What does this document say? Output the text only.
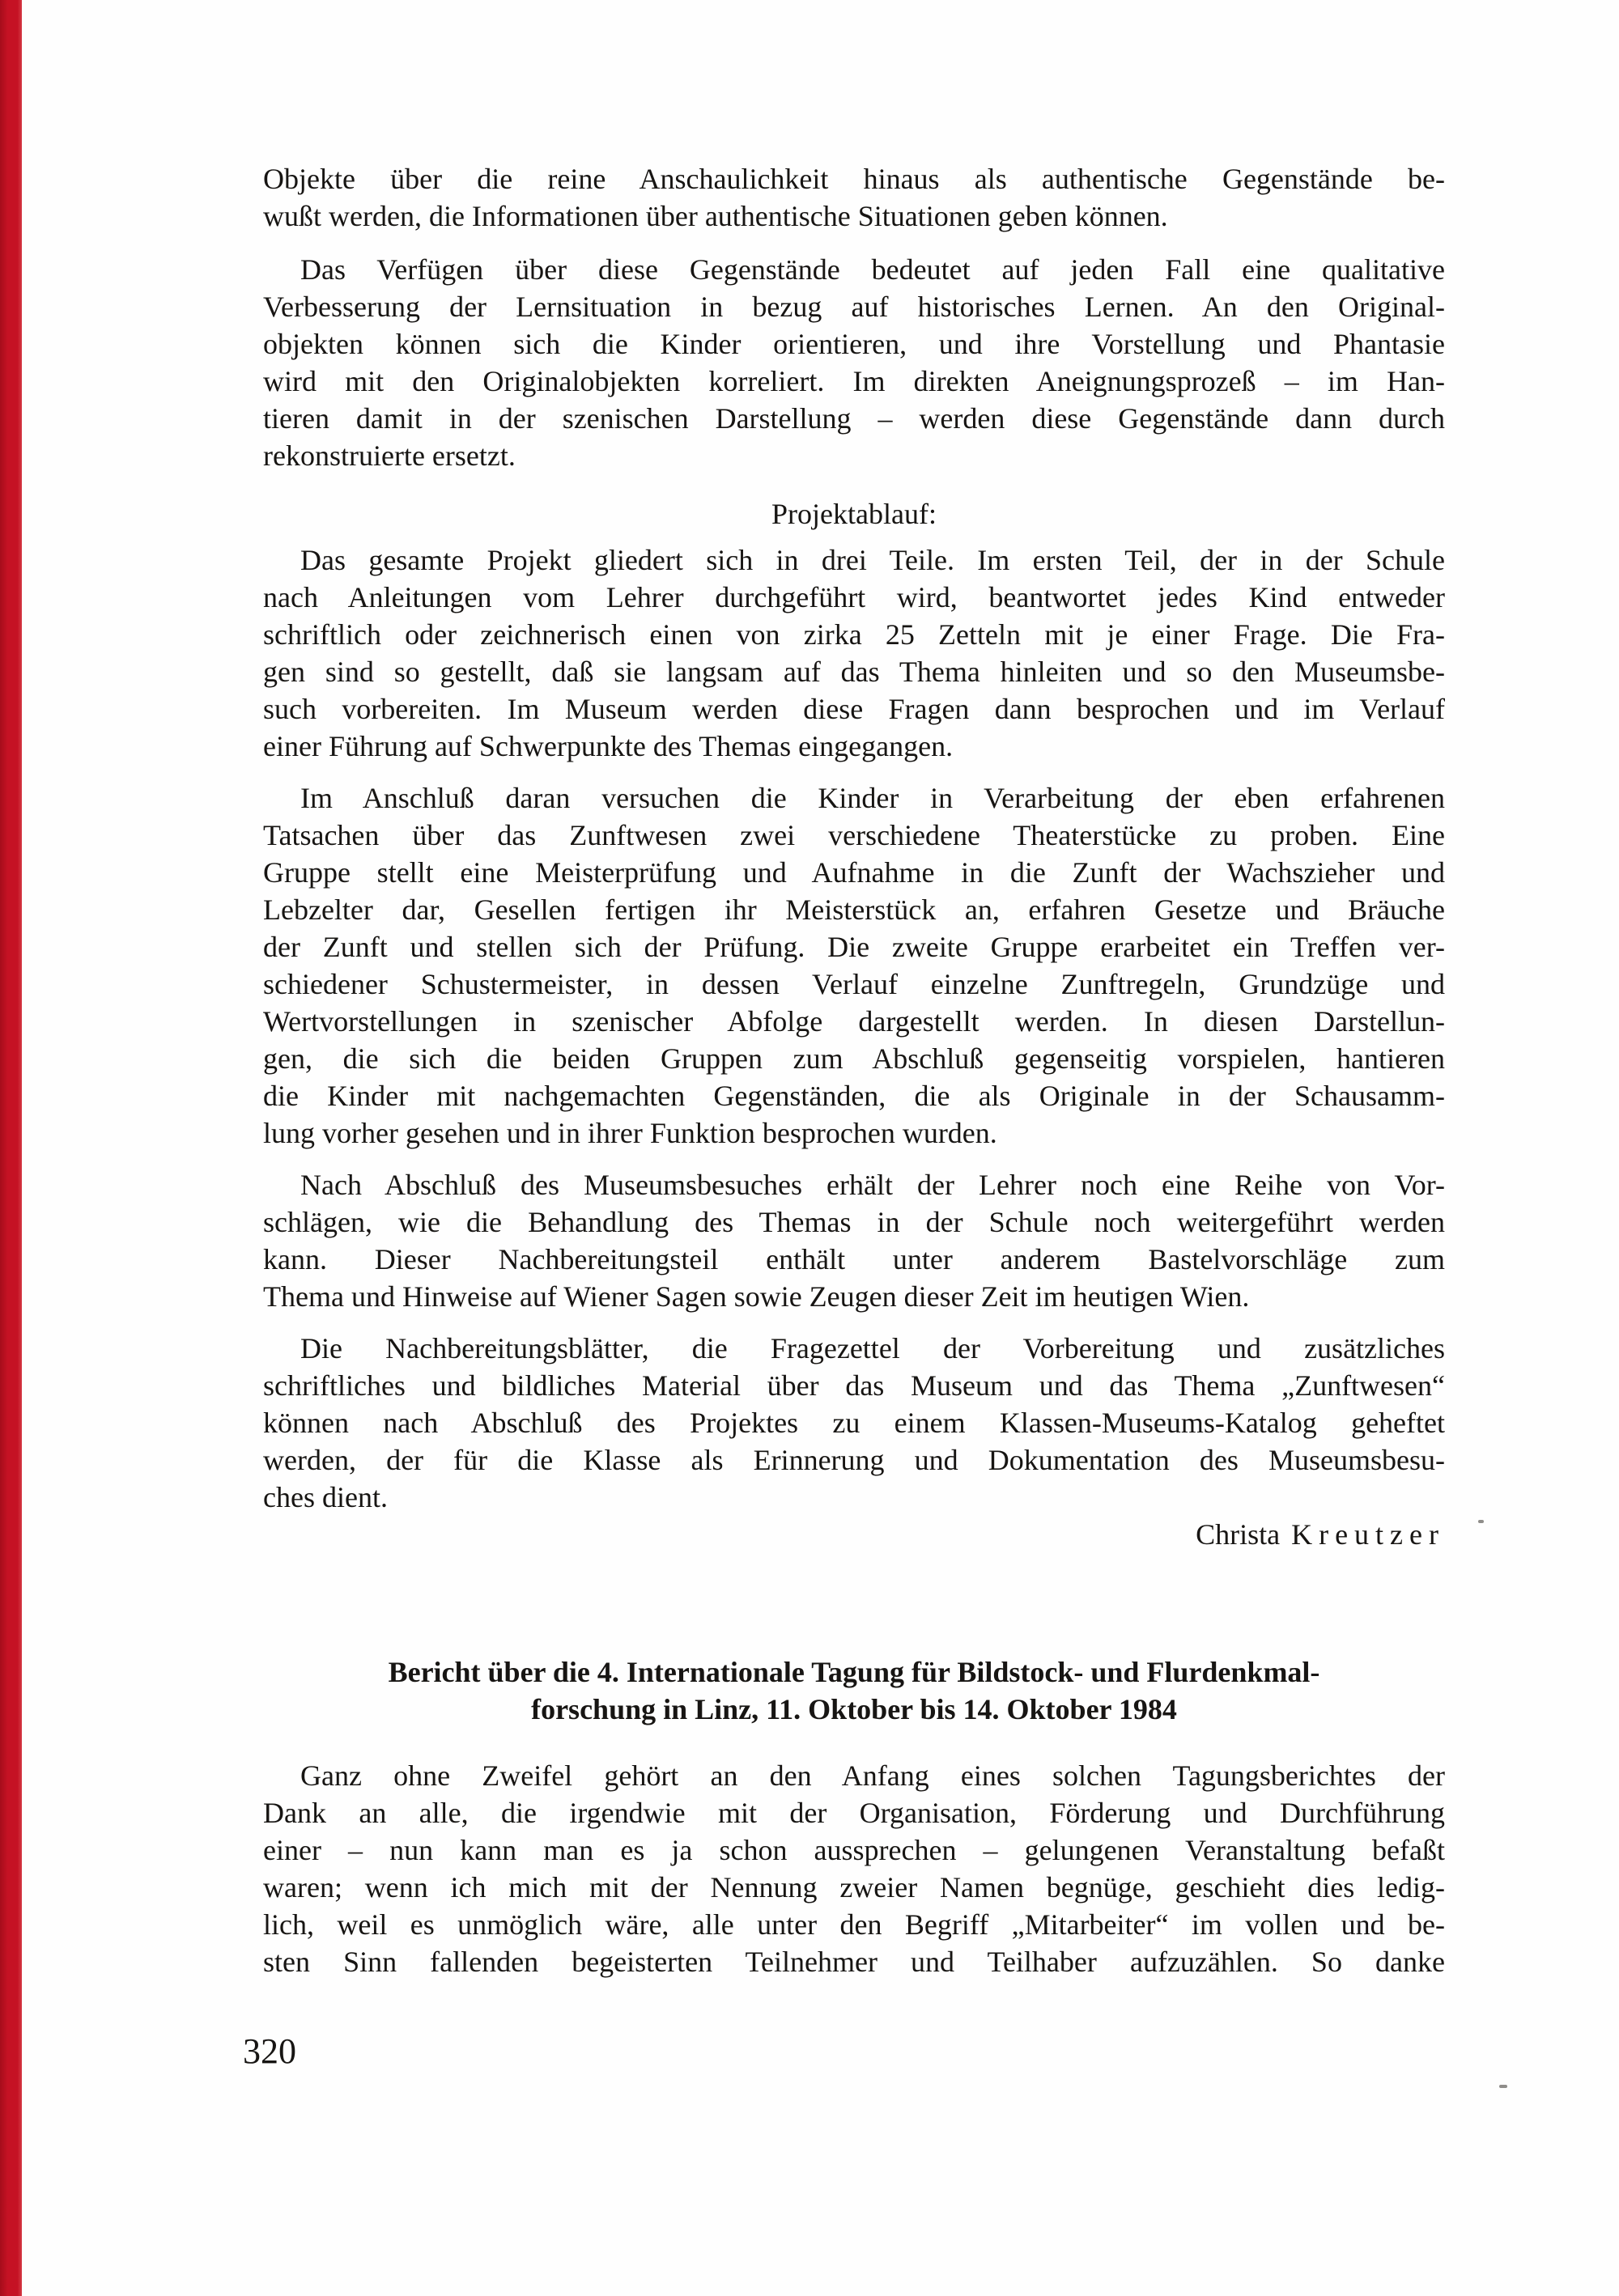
Objekte über die reine Anschaulichkeit hinaus als authentische Gegenstände be-
wußt werden, die Informationen über authentische Situationen geben können.
Das Verfügen über diese Gegenstände bedeutet auf jeden Fall eine qualitative
Verbesserung der Lernsituation in bezug auf historisches Lernen. An den Original-
objekten können sich die Kinder orientieren, und ihre Vorstellung und Phantasie
wird mit den Originalobjekten korreliert. Im direkten Aneignungsprozeß – im Han-
tieren damit in der szenischen Darstellung – werden diese Gegenstände dann durch
rekonstruierte ersetzt.
Projektablauf:
Das gesamte Projekt gliedert sich in drei Teile. Im ersten Teil, der in der Schule
nach Anleitungen vom Lehrer durchgeführt wird, beantwortet jedes Kind entweder
schriftlich oder zeichnerisch einen von zirka 25 Zetteln mit je einer Frage. Die Fra-
gen sind so gestellt, daß sie langsam auf das Thema hinleiten und so den Museumsbe-
such vorbereiten. Im Museum werden diese Fragen dann besprochen und im Verlauf
einer Führung auf Schwerpunkte des Themas eingegangen.
Im Anschluß daran versuchen die Kinder in Verarbeitung der eben erfahrenen
Tatsachen über das Zunftwesen zwei verschiedene Theaterstücke zu proben. Eine
Gruppe stellt eine Meisterprüfung und Aufnahme in die Zunft der Wachszieher und
Lebzelter dar, Gesellen fertigen ihr Meisterstück an, erfahren Gesetze und Bräuche
der Zunft und stellen sich der Prüfung. Die zweite Gruppe erarbeitet ein Treffen ver-
schiedener Schustermeister, in dessen Verlauf einzelne Zunftregeln, Grundzüge und
Wertvorstellungen in szenischer Abfolge dargestellt werden. In diesen Darstellun-
gen, die sich die beiden Gruppen zum Abschluß gegenseitig vorspielen, hantieren
die Kinder mit nachgemachten Gegenständen, die als Originale in der Schausamm-
lung vorher gesehen und in ihrer Funktion besprochen wurden.
Nach Abschluß des Museumsbesuches erhält der Lehrer noch eine Reihe von Vor-
schlägen, wie die Behandlung des Themas in der Schule noch weitergeführt werden
kann. Dieser Nachbereitungsteil enthält unter anderem Bastelvorschläge zum
Thema und Hinweise auf Wiener Sagen sowie Zeugen dieser Zeit im heutigen Wien.
Die Nachbereitungsblätter, die Fragezettel der Vorbereitung und zusätzliches
schriftliches und bildliches Material über das Museum und das Thema „Zunftwesen“
können nach Abschluß des Projektes zu einem Klassen-Museums-Katalog geheftet
werden, der für die Klasse als Erinnerung und Dokumentation des Museumsbesu-
ches dient.
Christa Kreutzer
Bericht über die 4. Internationale Tagung für Bildstock- und Flurdenkmal-
forschung in Linz, 11. Oktober bis 14. Oktober 1984
Ganz ohne Zweifel gehört an den Anfang eines solchen Tagungsberichtes der
Dank an alle, die irgendwie mit der Organisation, Förderung und Durchführung
einer – nun kann man es ja schon aussprechen – gelungenen Veranstaltung befaßt
waren; wenn ich mich mit der Nennung zweier Namen begnüge, geschieht dies ledig-
lich, weil es unmöglich wäre, alle unter den Begriff „Mitarbeiter“ im vollen und be-
sten Sinn fallenden begeisterten Teilnehmer und Teilhaber aufzuzählen. So danke
320
